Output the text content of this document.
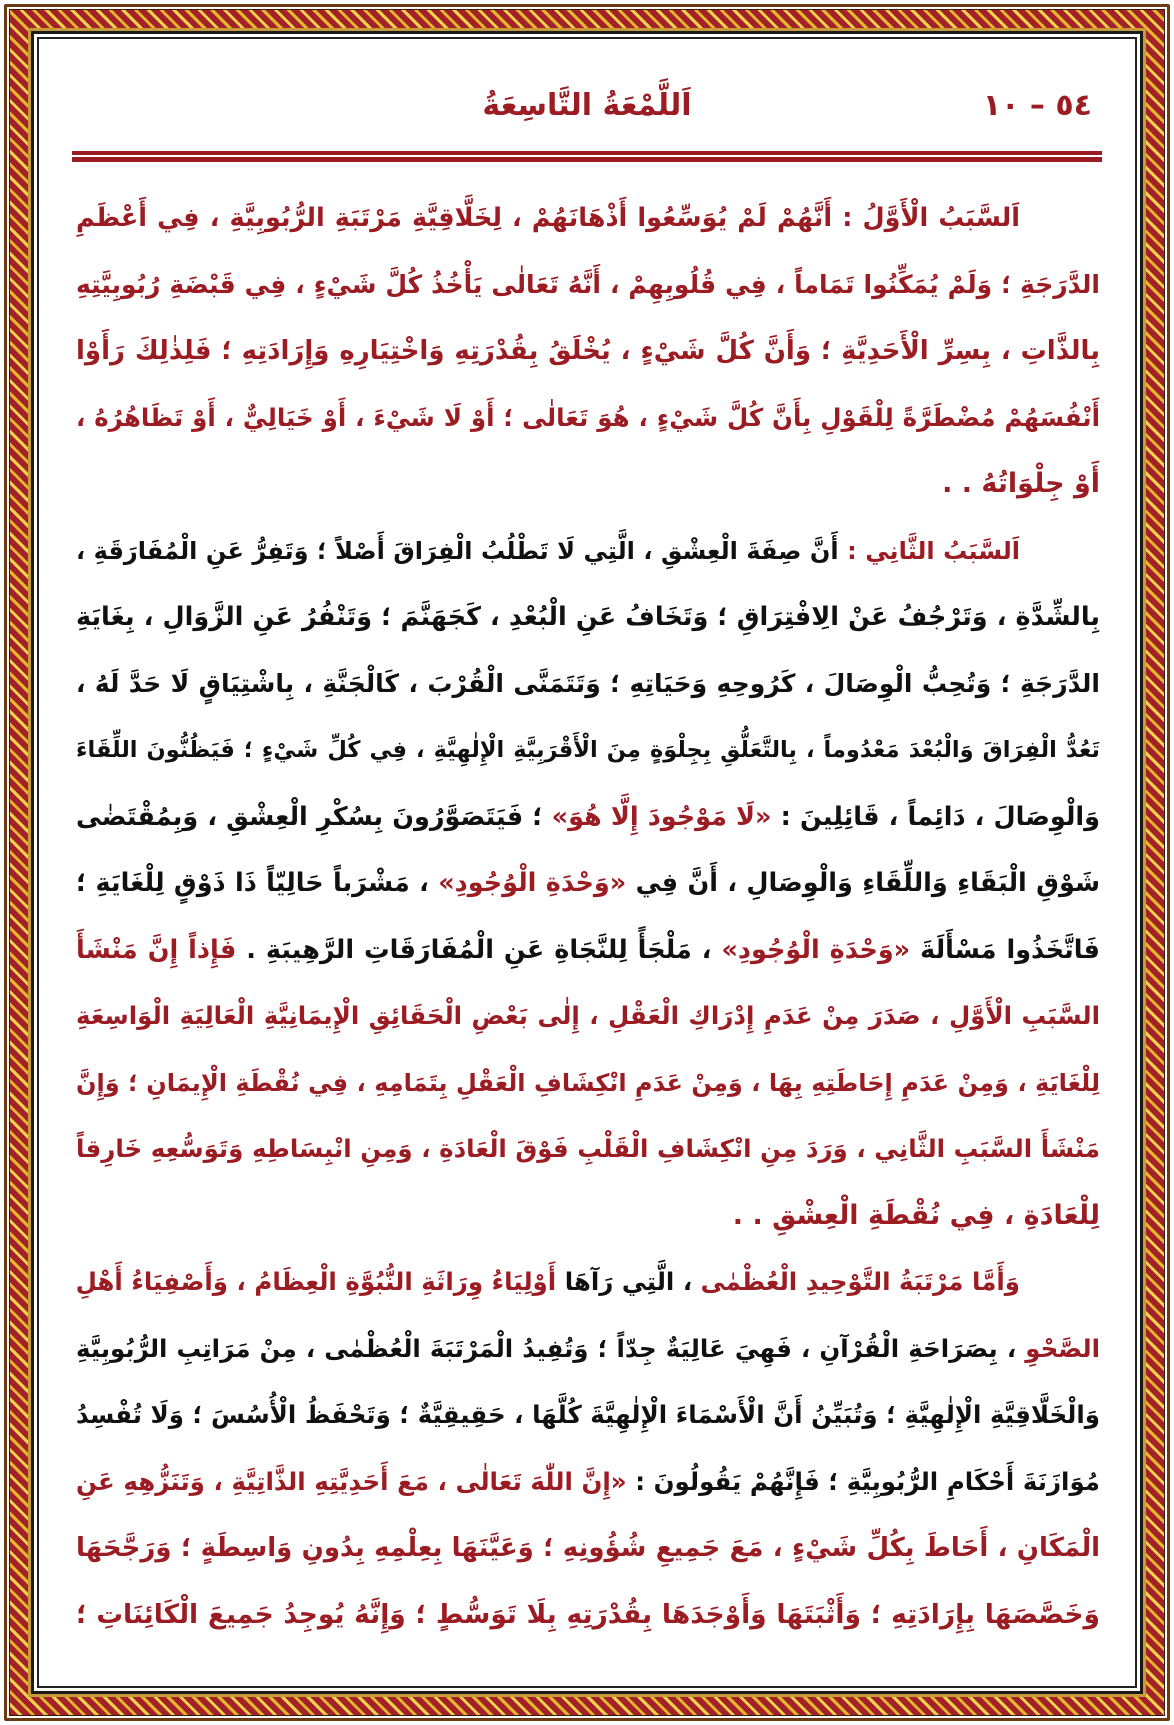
٥٤ – ١٠
اَللَّمْعَةُ التَّاسِعَةُ
اَلسَّبَبُ الْأَوَّلُ : أَنَّهُمْ لَمْ يُوَسِّعُوا أَذْهَانَهُمْ ، لِخَلَّاقِيَّةِ مَرْتَبَةِ الرُّبُوبِيَّةِ ، فِي أَعْظَمِ
الدَّرَجَةِ ؛ وَلَمْ يُمَكِّنُوا تَمَاماً ، فِي قُلُوبِهِمْ ، أَنَّهُ تَعَالٰى يَأْخُذُ كُلَّ شَيْءٍ ، فِي قَبْضَةِ رُبُوبِيَّتِهِ
بِالذَّاتِ ، بِسِرِّ الْأَحَدِيَّةِ ؛ وَأَنَّ كُلَّ شَيْءٍ ، يُخْلَقُ بِقُدْرَتِهِ وَاخْتِيَارِهِ وَإِرَادَتِهِ ؛ فَلِذٰلِكَ رَأَوْا
أَنْفُسَهُمْ مُضْطَرَّةً لِلْقَوْلِ بِأَنَّ كُلَّ شَيْءٍ ، هُوَ تَعَالٰى ؛ أَوْ لَا شَيْءَ ، أَوْ خَيَالِيٌّ ، أَوْ تَظَاهُرُهُ ،
أَوْ جِلْوَاتُهُ . .
اَلسَّبَبُ الثَّانِي : أَنَّ صِفَةَ الْعِشْقِ ، الَّتِي لَا تَطْلُبُ الْفِرَاقَ أَصْلاً ؛ وَتَفِرُّ عَنِ الْمُفَارَقَةِ ،
بِالشِّدَّةِ ، وَتَرْجُفُ عَنْ الِافْتِرَاقِ ؛ وَتَخَافُ عَنِ الْبُعْدِ ، كَجَهَنَّمَ ؛ وَتَنْفُرُ عَنِ الزَّوَالِ ، بِغَايَةِ
الدَّرَجَةِ ؛ وَتُحِبُّ الْوِصَالَ ، كَرُوحِهِ وَحَيَاتِهِ ؛ وَتَتَمَنَّى الْقُرْبَ ، كَالْجَنَّةِ ، بِاشْتِيَاقٍ لَا حَدَّ لَهُ ،
تَعُدُّ الْفِرَاقَ وَالْبُعْدَ مَعْدُوماً ، بِالتَّعَلُّقِ بِجِلْوَةٍ مِنَ الْأَقْرَبِيَّةِ الْإِلٰهِيَّةِ ، فِي كُلِّ شَيْءٍ ؛ فَيَظُنُّونَ اللِّقَاءَ
وَالْوِصَالَ ، دَائِماً ، قَائِلِينَ : «لَا مَوْجُودَ إِلَّا هُوَ» ؛ فَيَتَصَوَّرُونَ بِسُكْرِ الْعِشْقِ ، وَبِمُقْتَضٰى
شَوْقِ الْبَقَاءِ وَاللِّقَاءِ وَالْوِصَالِ ، أَنَّ فِي «وَحْدَةِ الْوُجُودِ» ، مَشْرَباً حَالِيّاً ذَا ذَوْقٍ لِلْغَايَةِ ؛
فَاتَّخَذُوا مَسْأَلَةَ «وَحْدَةِ الْوُجُودِ» ، مَلْجَأً لِلنَّجَاةِ عَنِ الْمُفَارَقَاتِ الرَّهِيبَةِ . فَإِذاً إِنَّ مَنْشَأَ
السَّبَبِ الْأَوَّلِ ، صَدَرَ مِنْ عَدَمِ إِدْرَاكِ الْعَقْلِ ، إِلٰى بَعْضِ الْحَقَائِقِ الْإِيمَانِيَّةِ الْعَالِيَةِ الْوَاسِعَةِ
لِلْغَايَةِ ، وَمِنْ عَدَمِ إِحَاطَتِهِ بِهَا ، وَمِنْ عَدَمِ انْكِشَافِ الْعَقْلِ بِتَمَامِهِ ، فِي نُقْطَةِ الْإِيمَانِ ؛ وَإِنَّ
مَنْشَأَ السَّبَبِ الثَّانِي ، وَرَدَ مِنِ انْكِشَافِ الْقَلْبِ فَوْقَ الْعَادَةِ ، وَمِنِ انْبِسَاطِهِ وَتَوَسُّعِهِ خَارِقاً
لِلْعَادَةِ ، فِي نُقْطَةِ الْعِشْقِ . .
وَأَمَّا مَرْتَبَةُ التَّوْحِيدِ الْعُظْمٰى ، الَّتِي رَآهَا أَوْلِيَاءُ وِرَاثَةِ النُّبُوَّةِ الْعِظَامُ ، وَأَصْفِيَاءُ أَهْلِ
الصَّحْوِ ، بِصَرَاحَةِ الْقُرْآنِ ، فَهِيَ عَالِيَةٌ جِدّاً ؛ وَتُفِيدُ الْمَرْتَبَةَ الْعُظْمٰى ، مِنْ مَرَاتِبِ الرُّبُوبِيَّةِ
وَالْخَلَّاقِيَّةِ الْإِلٰهِيَّةِ ؛ وَتُبَيِّنُ أَنَّ الْأَسْمَاءَ الْإِلٰهِيَّةَ كُلَّهَا ، حَقِيقِيَّةٌ ؛ وَتَحْفَظُ الْأُسُسَ ؛ وَلَا تُفْسِدُ
مُوَازَنَةَ أَحْكَامِ الرُّبُوبِيَّةِ ؛ فَإِنَّهُمْ يَقُولُونَ : «إِنَّ اللّٰهَ تَعَالٰى ، مَعَ أَحَدِيَّتِهِ الذَّاتِيَّةِ ، وَتَنَزُّهِهِ عَنِ
الْمَكَانِ ، أَحَاطَ بِكُلِّ شَيْءٍ ، مَعَ جَمِيعِ شُؤُونِهِ ؛ وَعَيَّنَهَا بِعِلْمِهِ بِدُونِ وَاسِطَةٍ ؛ وَرَجَّحَهَا
وَخَصَّصَهَا بِإِرَادَتِهِ ؛ وَأَثْبَتَهَا وَأَوْجَدَهَا بِقُدْرَتِهِ بِلَا تَوَسُّطٍ ؛ وَإِنَّهُ يُوجِدُ جَمِيعَ الْكَائِنَاتِ ؛
